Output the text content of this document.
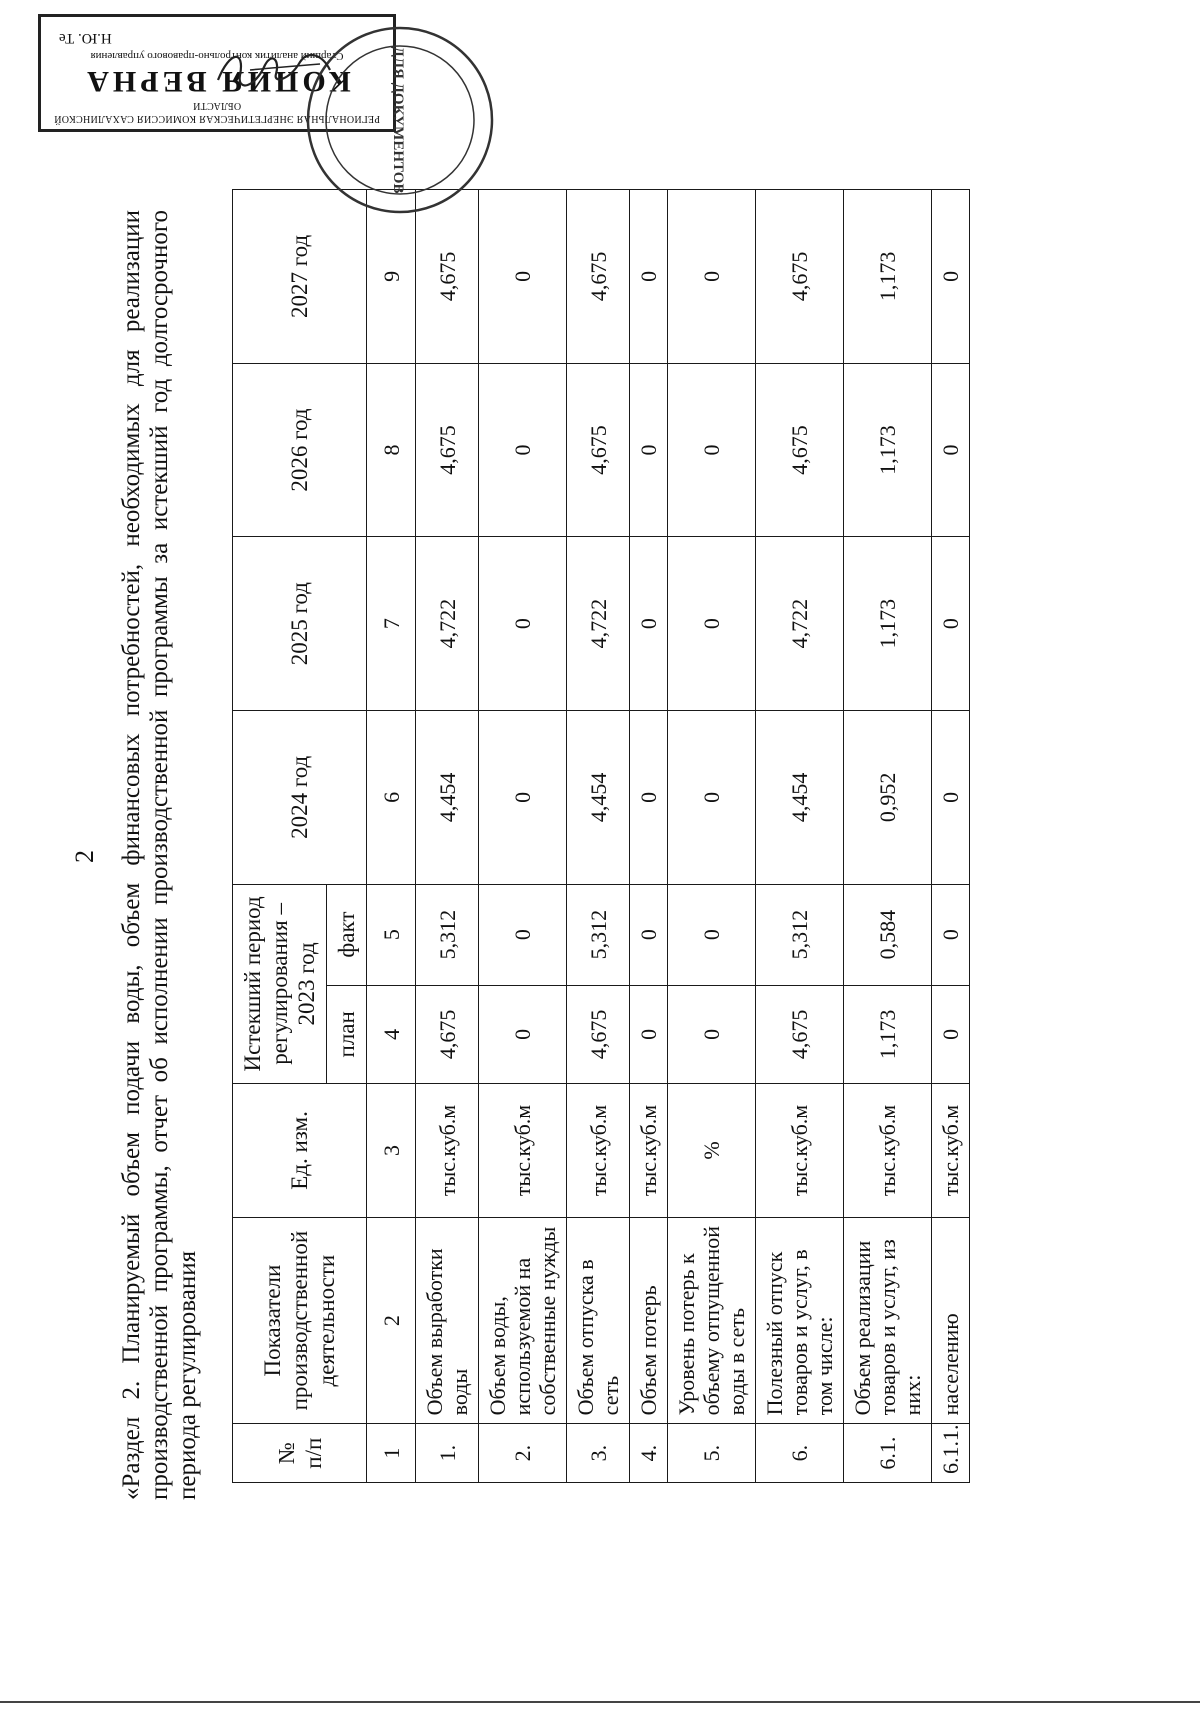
2 «Раздел 2. Планируемый объем подачи воды, объем финансовых потребностей, необходимых для реализации производственной программы, отчет об исполнении производственной программы за истекший год долгосрочного периода регулирования	№ п/п	Показатели производственной деятельности	Ед. изм.	Истекший период регулирования – 2023 год		2024 год	2025 год	2026 год	2027 год
			план	факт				
1	2	3	4	5	6	7	8	9
1.	Объем выработки воды	тыс.куб.м	4,675	5,312	4,454	4,722	4,675	4,675
2.	Объем воды, используемой на собственные нужды	тыс.куб.м	0	0	0	0	0	0
3.	Объем отпуска в сеть	тыс.куб.м	4,675	5,312	4,454	4,722	4,675	4,675
4.	Объем потерь	тыс.куб.м	0	0	0	0	0	0
5.	Уровень потерь к объему отпущенной воды в сеть	%	0	0	0	0	0	0
6.	Полезный отпуск товаров и услуг, в том числе:	тыс.куб.м	4,675	5,312	4,454	4,722	4,675	4,675
6.1.	Объем реализации товаров и услуг, из них:	тыс.куб.м	1,173	0,584	0,952	1,173	1,173	1,173
6.1.1.	населению	тыс.куб.м	0	0	0	0	0	0
РЕГИОНАЛЬНАЯ ЭНЕРГЕТИЧЕСКАЯ КОМИССИЯ САХАЛИНСКОЙ ОБЛАСТИ
КОПИЯ ВЕРНА
Старший аналитик контрольно-правового управления
Н.Ю. Те
ДЛЯ ДОКУМЕНТОВ
